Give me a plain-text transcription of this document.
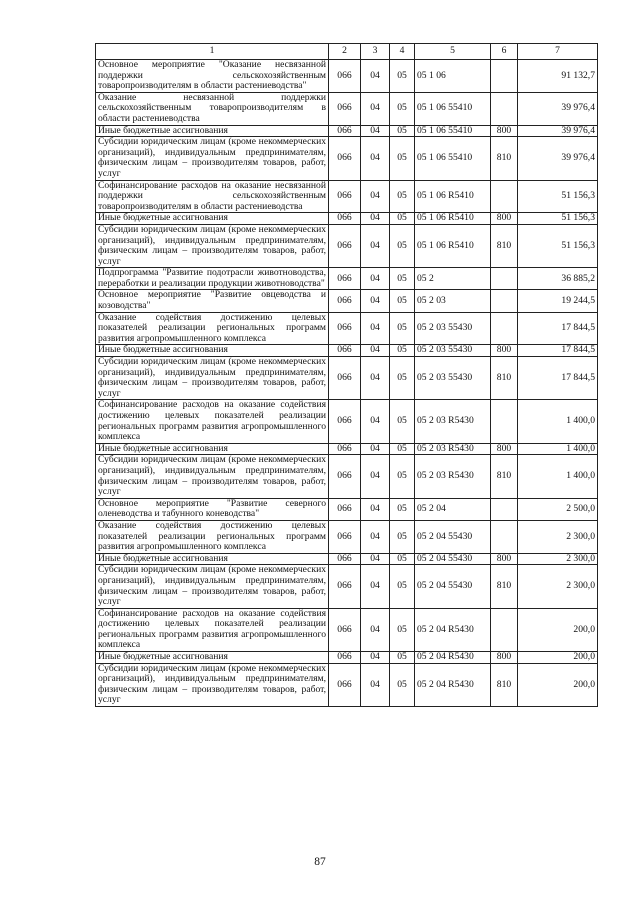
1	2	3	4	5	6	7
Основное мероприятие "Оказание несвязанной поддержки сельскохозяйственным товаропроизводителям в области растениеводства"	066	04	05	05 1 06		91 132,7
Оказание несвязанной поддержки сельскохозяйственным товаропроизводителям в области растениеводства	066	04	05	05 1 06 55410		39 976,4
Иные бюджетные ассигнования	066	04	05	05 1 06 55410	800	39 976,4
Субсидии юридическим лицам (кроме некоммерческих организаций), индивидуальным предпринимателям, физическим лицам – производителям товаров, работ, услуг	066	04	05	05 1 06 55410	810	39 976,4
Софинансирование расходов на оказание несвязанной поддержки сельскохозяйственным товаропроизводителям в области растениеводства	066	04	05	05 1 06 R5410		51 156,3
Иные бюджетные ассигнования	066	04	05	05 1 06 R5410	800	51 156,3
Субсидии юридическим лицам (кроме некоммерческих организаций), индивидуальным предпринимателям, физическим лицам – производителям товаров, работ, услуг	066	04	05	05 1 06 R5410	810	51 156,3
Подпрограмма "Развитие подотрасли животноводства, переработки и реализации продукции животноводства"	066	04	05	05 2		36 885,2
Основное мероприятие "Развитие овцеводства и козоводства"	066	04	05	05 2 03		19 244,5
Оказание содействия достижению целевых показателей реализации региональных программ развития агропромышленного комплекса	066	04	05	05 2 03 55430		17 844,5
Иные бюджетные ассигнования	066	04	05	05 2 03 55430	800	17 844,5
Субсидии юридическим лицам (кроме некоммерческих организаций), индивидуальным предпринимателям, физическим лицам – производителям товаров, работ, услуг	066	04	05	05 2 03 55430	810	17 844,5
Софинансирование расходов на оказание содействия достижению целевых показателей реализации региональных программ развития агропромышленного комплекса	066	04	05	05 2 03 R5430		1 400,0
Иные бюджетные ассигнования	066	04	05	05 2 03 R5430	800	1 400,0
Субсидии юридическим лицам (кроме некоммерческих организаций), индивидуальным предпринимателям, физическим лицам – производителям товаров, работ, услуг	066	04	05	05 2 03 R5430	810	1 400,0
Основное мероприятие "Развитие северного оленеводства и табунного коневодства"	066	04	05	05 2 04		2 500,0
Оказание содействия достижению целевых показателей реализации региональных программ развития агропромышленного комплекса	066	04	05	05 2 04 55430		2 300,0
Иные бюджетные ассигнования	066	04	05	05 2 04 55430	800	2 300,0
Субсидии юридическим лицам (кроме некоммерческих организаций), индивидуальным предпринимателям, физическим лицам – производителям товаров, работ, услуг	066	04	05	05 2 04 55430	810	2 300,0
Софинансирование расходов на оказание содействия достижению целевых показателей реализации региональных программ развития агропромышленного комплекса	066	04	05	05 2 04 R5430		200,0
Иные бюджетные ассигнования	066	04	05	05 2 04 R5430	800	200,0
Субсидии юридическим лицам (кроме некоммерческих организаций), индивидуальным предпринимателям, физическим лицам – производителям товаров, работ, услуг	066	04	05	05 2 04 R5430	810	200,0
87
